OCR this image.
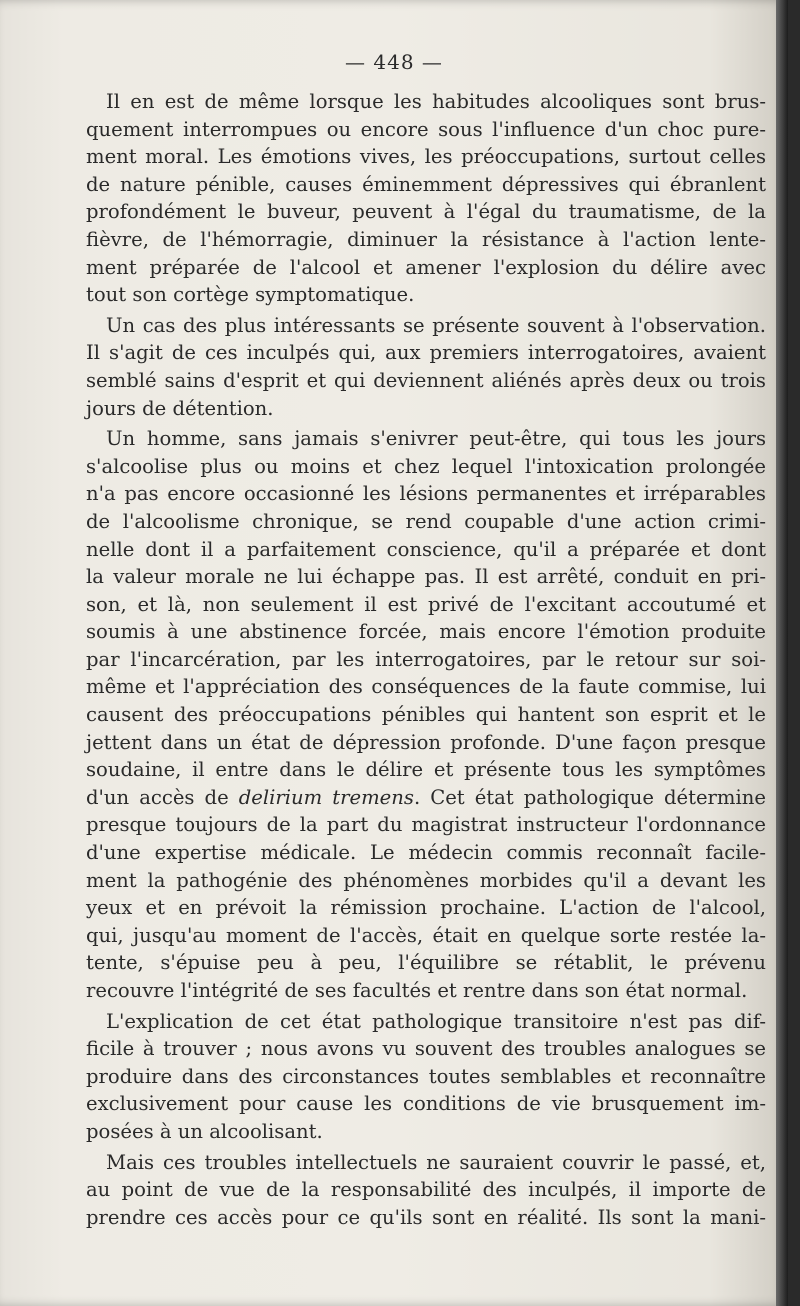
— 448 —
Il en est de même lorsque les habitudes alcooliques sont brus-
quement interrompues ou encore sous l'influence d'un choc pure-
ment moral. Les émotions vives, les préoccupations, surtout celles
de nature pénible, causes éminemment dépressives qui ébranlent
profondément le buveur, peuvent à l'égal du traumatisme, de la
fièvre, de l'hémorragie, diminuer la résistance à l'action lente-
ment préparée de l'alcool et amener l'explosion du délire avec
tout son cortège symptomatique.
Un cas des plus intéressants se présente souvent à l'observation.
Il s'agit de ces inculpés qui, aux premiers interrogatoires, avaient
semblé sains d'esprit et qui deviennent aliénés après deux ou trois
jours de détention.
Un homme, sans jamais s'enivrer peut-être, qui tous les jours
s'alcoolise plus ou moins et chez lequel l'intoxication prolongée
n'a pas encore occasionné les lésions permanentes et irréparables
de l'alcoolisme chronique, se rend coupable d'une action crimi-
nelle dont il a parfaitement conscience, qu'il a préparée et dont
la valeur morale ne lui échappe pas. Il est arrêté, conduit en pri-
son, et là, non seulement il est privé de l'excitant accoutumé et
soumis à une abstinence forcée, mais encore l'émotion produite
par l'incarcération, par les interrogatoires, par le retour sur soi-
même et l'appréciation des conséquences de la faute commise, lui
causent des préoccupations pénibles qui hantent son esprit et le
jettent dans un état de dépression profonde. D'une façon presque
soudaine, il entre dans le délire et présente tous les symptômes
d'un accès de delirium tremens. Cet état pathologique détermine
presque toujours de la part du magistrat instructeur l'ordonnance
d'une expertise médicale. Le médecin commis reconnaît facile-
ment la pathogénie des phénomènes morbides qu'il a devant les
yeux et en prévoit la rémission prochaine. L'action de l'alcool,
qui, jusqu'au moment de l'accès, était en quelque sorte restée la-
tente, s'épuise peu à peu, l'équilibre se rétablit, le prévenu
recouvre l'intégrité de ses facultés et rentre dans son état normal.
L'explication de cet état pathologique transitoire n'est pas dif-
ficile à trouver ; nous avons vu souvent des troubles analogues se
produire dans des circonstances toutes semblables et reconnaître
exclusivement pour cause les conditions de vie brusquement im-
posées à un alcoolisant.
Mais ces troubles intellectuels ne sauraient couvrir le passé, et,
au point de vue de la responsabilité des inculpés, il importe de
prendre ces accès pour ce qu'ils sont en réalité. Ils sont la mani-
